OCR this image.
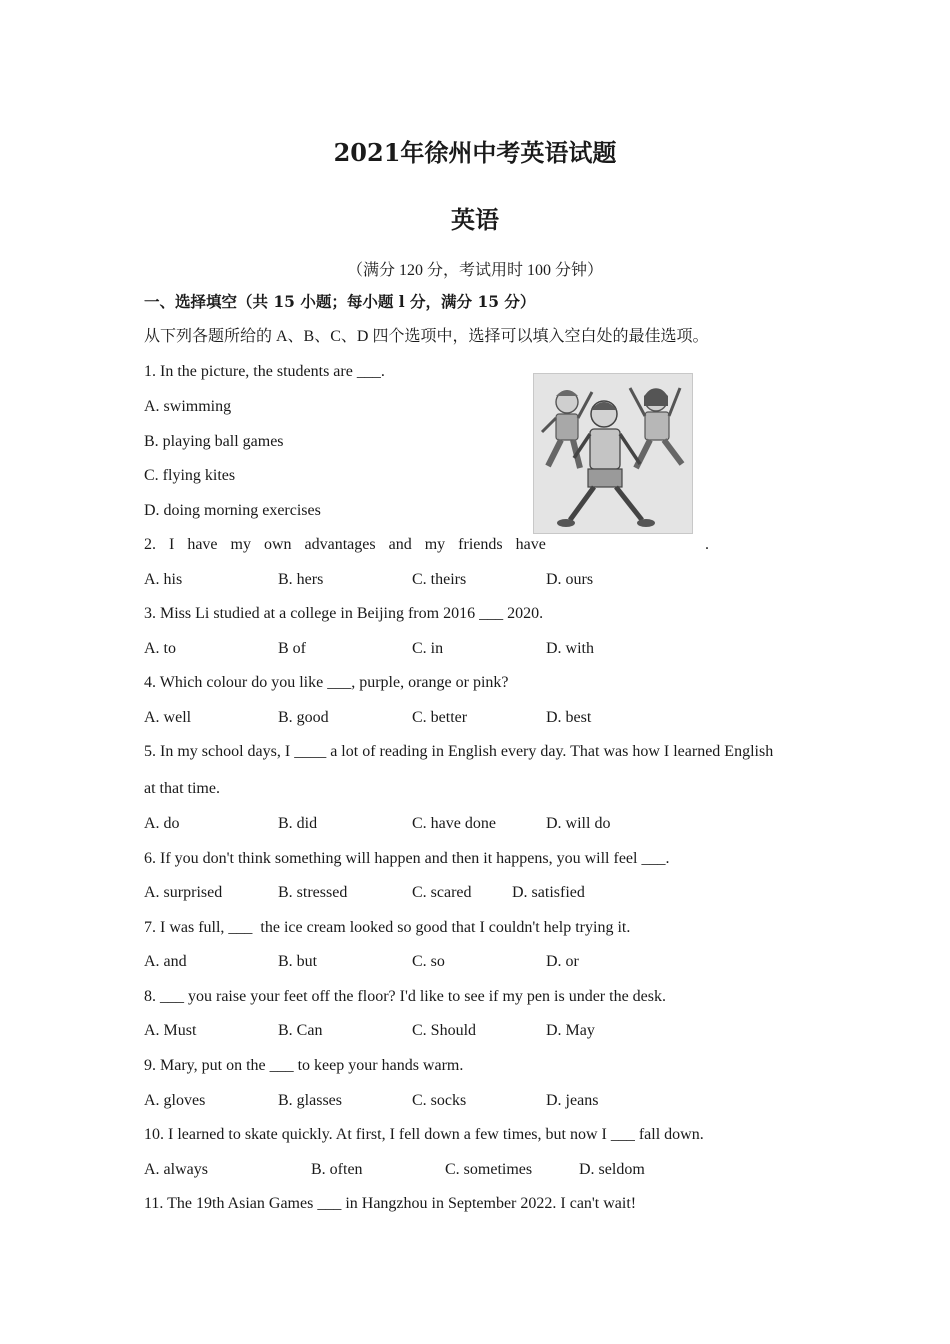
2021年徐州中考英语试题
英语
（满分 120 分，考试用时 100 分钟）
一、选择填空（共 15 小题；每小题 l 分，满分 15 分）
从下列各题所给的 A、B、C、D 四个选项中，选择可以填入空白处的最佳选项。
1. In the picture, the students are ___.
A. swimming
B. playing ball games
C. flying kites
D. doing morning exercises
2. I have my own advantages and my friends have	.
A. his	B. hers	C. theirs	D. ours
3. Miss Li studied at a college in Beijing from 2016 ___ 2020.
A. to	B of	C. in	D. with
4. Which colour do you like ___, purple, orange or pink?
A. well	B. good	C. better	D. best
5. In my school days, I ____ a lot of reading in English every day. That was how I learned English
at that time.
A. do	B. did	C. have done	D. will do
6. If you don't think something will happen and then it happens, you will feel ___.
A. surprised	B. stressed	C. scared	D. satisfied
7. I was full, ___  the ice cream looked so good that I couldn't help trying it.
A. and	B. but	C. so	D. or
8. ___ you raise your feet off the floor? I'd like to see if my pen is under the desk.
A. Must	B. Can	C. Should	D. May
9. Mary, put on the ___ to keep your hands warm.
A. gloves	B. glasses	C. socks	D. jeans
10. I learned to skate quickly. At first, I fell down a few times, but now I ___ fall down.
A. always	B. often	C. sometimes	D. seldom
11. The 19th Asian Games ___ in Hangzhou in September 2022. I can't wait!
